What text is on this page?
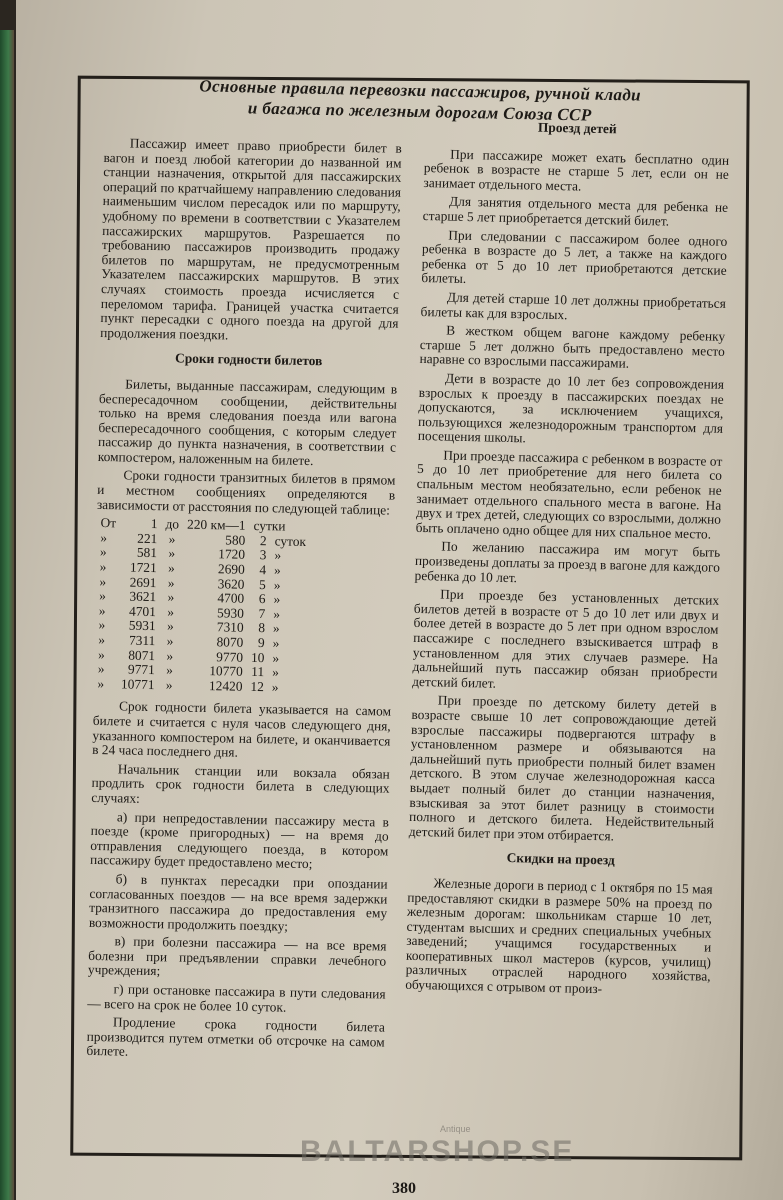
Основные правила перевозки пассажиров, ручной клади
и багажа по железным дорогам Союза ССР

Пассажир имеет право приобрести билет в вагон и поезд любой категории до названной им станции назначения, открытой для пассажирских операций по кратчайшему направлению следования наименьшим числом пересадок или по маршруту, удобному по времени в соответствии с Указателем пассажирских маршрутов. Разрешается по требованию пассажиров производить продажу билетов по маршрутам, не предусмотренным Указателем пассажирских маршрутов. В этих случаях стоимость проезда исчисляется с переломом тарифа. Границей участка считается пункт пересадки с одного поезда на другой для продолжения поездки.

Сроки годности билетов

Билеты, выданные пассажирам, следующим в беспересадочном сообщении, действительны только на время следования поезда или вагона беспересадочного сообщения, с которым следует пассажир до пункта назначения, в соответствии с компостером, наложенным на билете.

Сроки годности транзитных билетов в прямом и местном сообщениях определяются в зависимости от расстояния по следующей таблице:

От	1	до	220 км—1	сутки	
»	221	»	580	2	суток
»	581	»	1720	3	»
»	1721	»	2690	4	»
»	2691	»	3620	5	»
»	3621	»	4700	6	»
»	4701	»	5930	7	»
»	5931	»	7310	8	»
»	7311	»	8070	9	»
»	8071	»	9770	10	»
»	9771	»	10770	11	»
»	10771	»	12420	12	»

Срок годности билета указывается на самом билете и считается с нуля часов следующего дня, указанного компостером на билете, и оканчивается в 24 часа последнего дня.

Начальник станции или вокзала обязан продлить срок годности билета в следующих случаях:

а) при непредоставлении пассажиру места в поезде (кроме пригородных) — на время до отправления следующего поезда, в котором пассажиру будет предоставлено место;

б) в пунктах пересадки при опоздании согласованных поездов — на все время задержки транзитного пассажира до предоставления ему возможности продолжить поездку;

в) при болезни пассажира — на все время болезни при предъявлении справки лечебного учреждения;

г) при остановке пассажира в пути следования — всего на срок не более 10 суток.

Продление срока годности билета производится путем отметки об отсрочке на самом билете.

Проезд детей

При пассажире может ехать бесплатно один ребенок в возрасте не старше 5 лет, если он не занимает отдельного места.

Для занятия отдельного места для ребенка не старше 5 лет приобретается детский билет.

При следовании с пассажиром более одного ребенка в возрасте до 5 лет, а также на каждого ребенка от 5 до 10 лет приобретаются детские билеты.

Для детей старше 10 лет должны приобретаться билеты как для взрослых.

В жестком общем вагоне каждому ребенку старше 5 лет должно быть предоставлено место наравне со взрослыми пассажирами.

Дети в возрасте до 10 лет без сопровождения взрослых к проезду в пассажирских поездах не допускаются, за исключением учащихся, пользующихся железнодорожным транспортом для посещения школы.

При проезде пассажира с ребенком в возрасте от 5 до 10 лет приобретение для него билета со спальным местом необязательно, если ребенок не занимает отдельного спального места в вагоне. На двух и трех детей, следующих со взрослыми, должно быть оплачено одно общее для них спальное место.

По желанию пассажира им могут быть произведены доплаты за проезд в вагоне для каждого ребенка до 10 лет.

При проезде без установленных детских билетов детей в возрасте от 5 до 10 лет или двух и более детей в возрасте до 5 лет при одном взрослом пассажире с последнего взыскивается штраф в установленном для этих случаев размере. На дальнейший путь пассажир обязан приобрести детский билет.

При проезде по детскому билету детей в возрасте свыше 10 лет сопровождающие детей взрослые пассажиры подвергаются штрафу в установленном размере и обязываются на дальнейший путь приобрести полный билет взамен детского. В этом случае железнодорожная касса выдает полный билет до станции назначения, взыскивая за этот билет разницу в стоимости полного и детского билета. Недействительный детский билет при этом отбирается.

Скидки на проезд

Железные дороги в период с 1 октября по 15 мая предоставляют скидки в размере 50% на проезд по железным дорогам: школьникам старше 10 лет, студентам высших и средних специальных учебных заведений; учащимся государственных и кооперативных школ мастеров (курсов, училищ) различных отраслей народного хозяйства, обучающихся с отрывом от произ-

Antique
BALTARSHOP.SE
380
